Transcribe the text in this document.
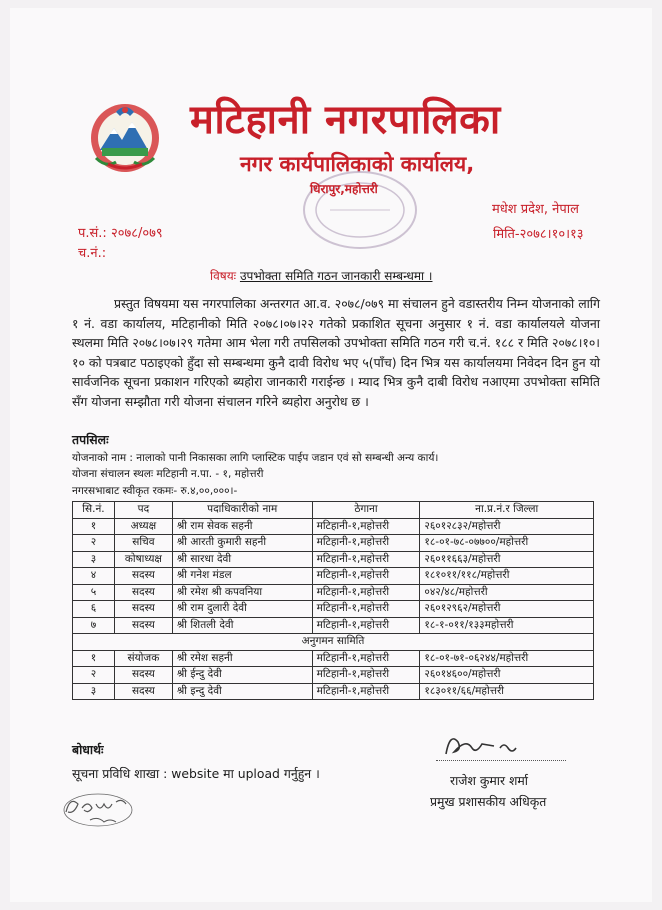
मटिहानी नगरपालिका
नगर कार्यपालिकाको कार्यालय,
धिरापुर,महोत्तरी
मधेश प्रदेश, नेपाल
मिति-२०७८।१०।१३
प.सं.: २०७८/०७९
च.नं.:
विषयः उपभोक्ता समिति गठन जानकारी सम्बन्धमा ।
प्रस्तुत विषयमा यस नगरपालिका अन्तरगत आ.व. २०७८/०७९ मा संचालन हुने वडास्तरीय निम्न योजनाको लागि १ नं. वडा कार्यालय, मटिहानीको मिति २०७८।०७।२२ गतेको प्रकाशित सूचना अनुसार १ नं. वडा कार्यालयले योजना स्थलमा मिति २०७८।०७।२९ गतेमा आम भेला गरी तपसिलको उपभोक्ता समिति गठन गरी च.नं. १८८ र मिति २०७८।१०।१० को पत्रबाट पठाइएको हुँदा सो सम्बन्धमा कुनै दावी विरोध भए ५(पाँच) दिन भित्र यस कार्यालयमा निवेदन दिन हुन यो सार्वजनिक सूचना प्रकाशन गरिएको ब्यहोरा जानकारी गराईन्छ । म्याद भित्र कुनै दाबी विरोध नआएमा उपभोक्ता समिति सँग योजना सम्झौता गरी योजना संचालन गरिने ब्यहोरा अनुरोध छ ।
तपसिलः
योजनाको नाम : नालाको पानी निकासका लागि प्लास्टिक पाईप जडान एवं सो सम्बन्धी अन्य कार्य।
योजना संचालन स्थलः मटिहानी न.पा. - १, महोत्तरी
नगरसभाबाट स्वीकृत रकमः- रु.४,००,०००।-
सि.नं.	पद	पदाधिकारीको नाम	ठेगाना	ना.प्र.नं.र जिल्ला
१	अध्यक्ष	श्री राम सेवक सहनी	मटिहानी-१,महोत्तरी	२६०१२८३२/महोत्तरी
२	सचिव	श्री आरती कुमारी सहनी	मटिहानी-१,महोत्तरी	१८-०१-७८-०७७००/महोत्तरी
३	कोषाध्यक्ष	श्री सारधा देवी	मटिहानी-१,महोत्तरी	२६०११६६३/महोत्तरी
४	सदस्य	श्री गनेश मंडल	मटिहानी-१,महोत्तरी	१८१०११/११८/महोत्तरी
५	सदस्य	श्री रमेश श्री कपवनिया	मटिहानी-१,महोत्तरी	०४२/४८/महोत्तरी
६	सदस्य	श्री राम दुलारी देवी	मटिहानी-१,महोत्तरी	२६०१२९६२/महोत्तरी
७	सदस्य	श्री शितली देवी	मटिहानी-१,महोत्तरी	१८-१-०११/१३३महोत्तरी
अनुगमन सामिति				
१	संयोजक	श्री रमेश सहनी	मटिहानी-१,महोत्तरी	१८-०१-७१-०६२४४/महोत्तरी
२	सदस्य	श्री ईन्दु देवी	मटिहानी-१,महोत्तरी	२६०१४६००/महोत्तरी
३	सदस्य	श्री इन्दु देवी	मटिहानी-१,महोत्तरी	१८३०११/६६/महोत्तरी
बोधार्थः
सूचना प्रविधि शाखा : website मा upload गर्नुहुन ।	राजेश कुमार शर्मा
प्रमुख प्रशासकीय अधिकृत
